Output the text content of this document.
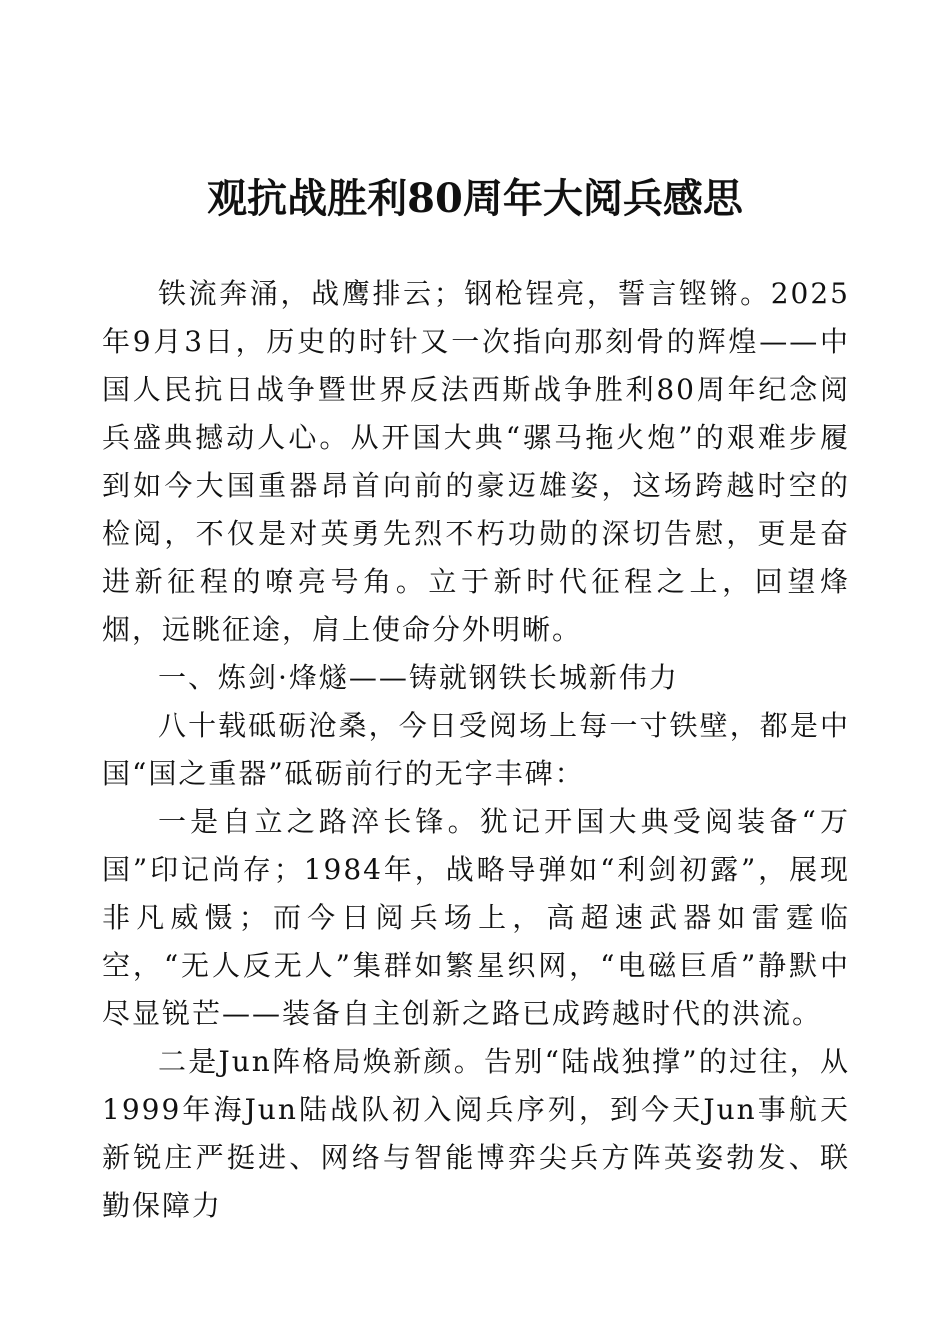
观抗战胜利80周年大阅兵感思

铁流奔涌，战鹰排云；钢枪锃亮，誓言铿锵。2025年9月3日，历史的时针又一次指向那刻骨的辉煌——中国人民抗日战争暨世界反法西斯战争胜利80周年纪念阅兵盛典撼动人心。从开国大典“骡马拖火炮”的艰难步履到如今大国重器昂首向前的豪迈雄姿，这场跨越时空的检阅，不仅是对英勇先烈不朽功勋的深切告慰，更是奋进新征程的嘹亮号角。立于新时代征程之上，回望烽烟，远眺征途，肩上使命分外明晰。

一、炼剑·烽燧——铸就钢铁长城新伟力

八十载砥砺沧桑，今日受阅场上每一寸铁壁，都是中国“国之重器”砥砺前行的无字丰碑：

一是自立之路淬长锋。犹记开国大典受阅装备“万国”印记尚存；1984年，战略导弹如“利剑初露”，展现非凡威慑；而今日阅兵场上，高超速武器如雷霆临空，“无人反无人”集群如繁星织网，“电磁巨盾”静默中尽显锐芒——装备自主创新之路已成跨越时代的洪流。

二是Jun阵格局焕新颜。告别“陆战独撑”的过往，从1999年海Jun陆战队初入阅兵序列，到今天Jun事航天新锐庄严挺进、网络与智能博弈尖兵方阵英姿勃发、联勤保障力
